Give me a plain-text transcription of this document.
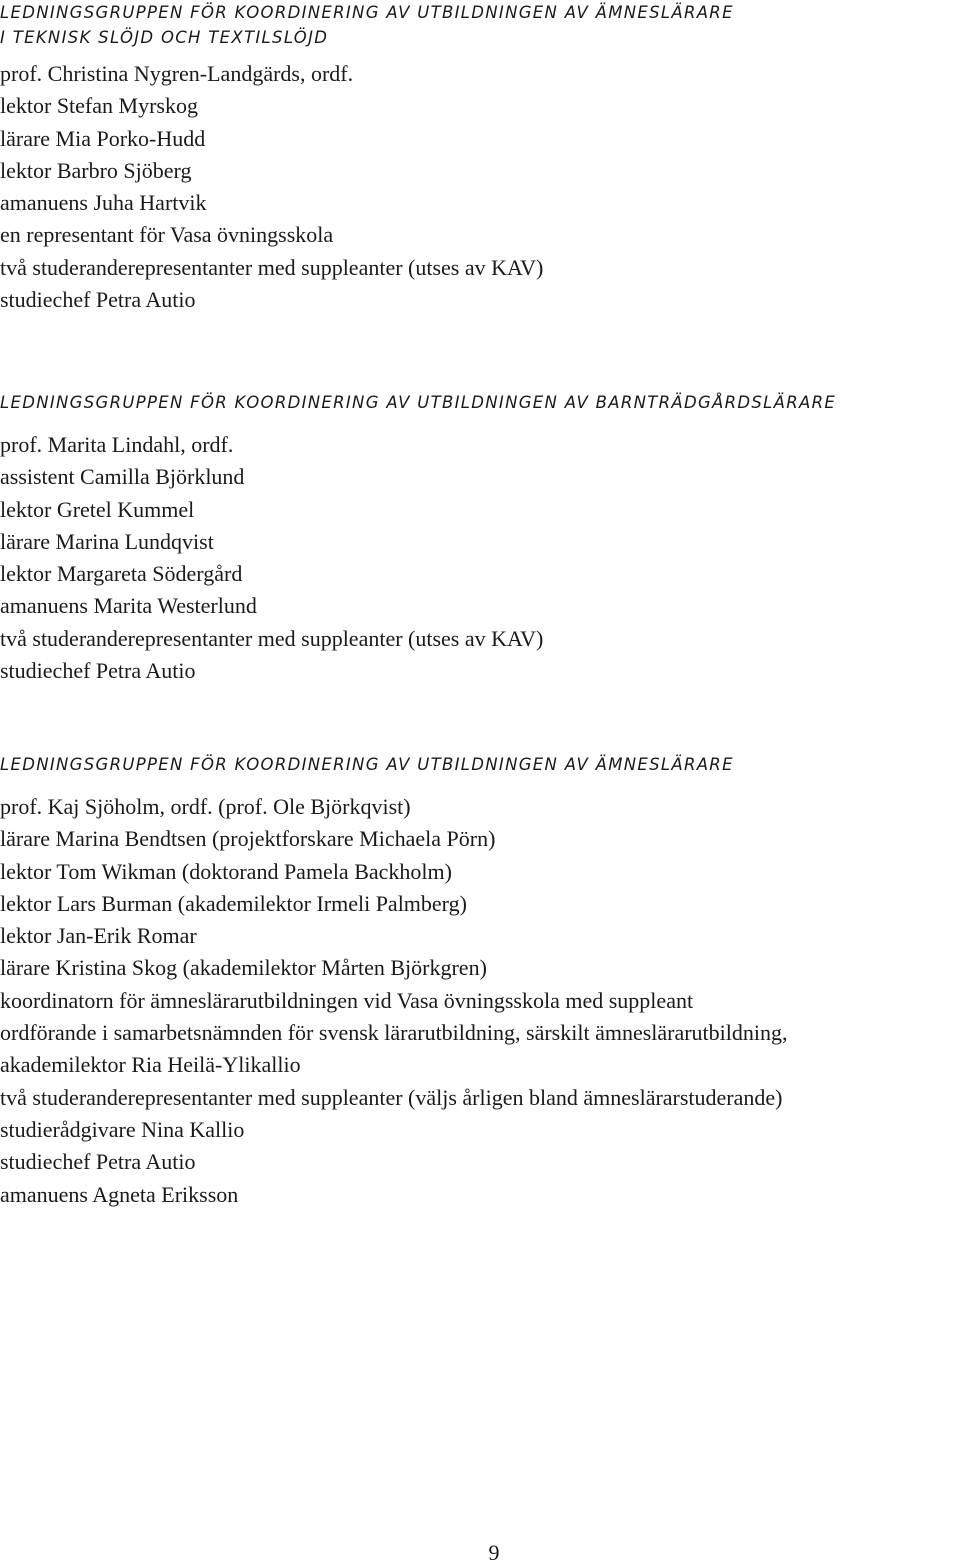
LEDNINGSGRUPPEN FÖR KOORDINERING AV UTBILDNINGEN AV ÄMNESLÄRARE
I TEKNISK SLÖJD OCH TEXTILSLÖJD
prof. Christina Nygren-Landgärds, ordf.
lektor Stefan Myrskog
lärare Mia Porko-Hudd
lektor Barbro Sjöberg
amanuens Juha Hartvik
en representant för Vasa övningsskola
två studeranderepresentanter med suppleanter (utses av KAV)
studiechef Petra Autio
LEDNINGSGRUPPEN FÖR KOORDINERING AV UTBILDNINGEN AV BARNTRÄDGÅRDSLÄRARE
prof. Marita Lindahl, ordf.
assistent Camilla Björklund
lektor Gretel Kummel
lärare Marina Lundqvist
lektor Margareta Södergård
amanuens Marita Westerlund
två studeranderepresentanter med suppleanter (utses av KAV)
studiechef Petra Autio
LEDNINGSGRUPPEN FÖR KOORDINERING AV UTBILDNINGEN AV ÄMNESLÄRARE
prof. Kaj Sjöholm, ordf. (prof. Ole Björkqvist)
lärare Marina Bendtsen (projektforskare Michaela Pörn)
lektor Tom Wikman (doktorand Pamela Backholm)
lektor Lars Burman (akademilektor Irmeli Palmberg)
lektor Jan-Erik Romar
lärare Kristina Skog (akademilektor Mårten Björkgren)
koordinatorn för ämneslärarutbildningen vid Vasa övningsskola med suppleant
ordförande i samarbetsnämnden för svensk lärarutbildning, särskilt ämneslärarutbildning,
akademilektor Ria Heilä-Ylikallio
två studeranderepresentanter med suppleanter (väljs årligen bland ämneslärarstuderande)
studierådgivare Nina Kallio
studiechef Petra Autio
amanuens Agneta Eriksson
9
